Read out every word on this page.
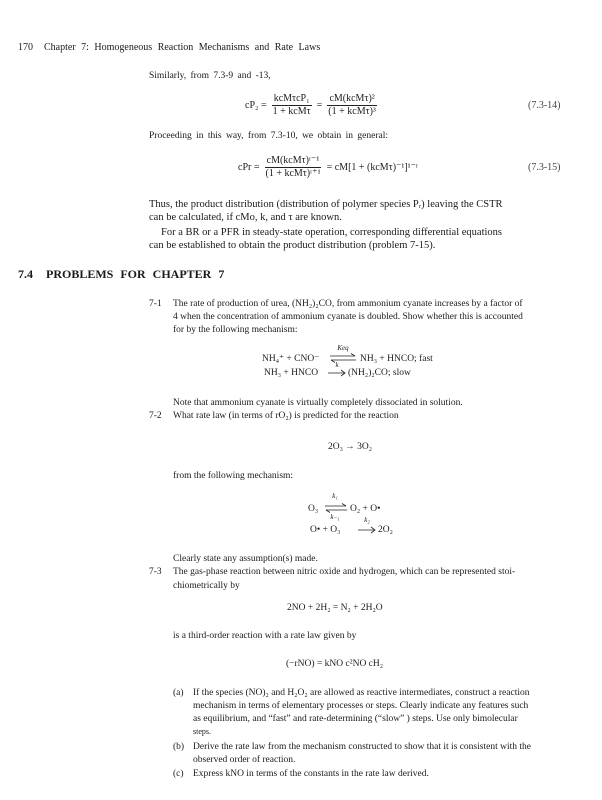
170 Chapter 7: Homogeneous Reaction Mechanisms and Rate Laws
Similarly, from 7.3-9 and -13,
$cP_2 = \frac{\text{kcMτcP₁}}{\text{1 + kcMτ}} = \frac{\text{cM(kcMτ)²}}{\text{(1 + kcMτ)³}}$	(7.3-14)
Proceeding in this way, from 7.3-10, we obtain in general:
cPr = $\frac{\text{cM(kcMτ)ʳ⁻¹}}{\text{(1 + kcMτ)ʳ⁺¹}} = cM[1$ + (kcMτ)⁻¹]¹⁻ʳ	(7.3-15)
Thus, the product distribution (distribution of polymer species Pᵣ) leaving the CSTR
can be calculated, if cMo, k, and τ are known.
For a BR or a PFR in steady-state operation, corresponding differential equations
can be established to obtain the product distribution (problem 7-15).
7.4 PROBLEMS FOR CHAPTER 7
7-1 The rate of production of urea, (NH₂)₂CO, from ammonium cyanate increases by a factor of
4 when the concentration of ammonium cyanate is doubled. Show whether this is accounted
for by the following mechanism:
NH₄⁺ + CNO⁻
Keq
⇌ NH₃ + HNCO; fast
NH₃ + HNCO
k
(NH₂)₂CO; slow
Note that ammonium cyanate is virtually completely dissociated in solution.
7-2 What rate law (in terms of rO₂) is predicted for the reaction
2O₃ → 3O₂
from the following mechanism:
O₃
k₁
k₋₁
O₂ + O•
O• + O₃
k₂
2O₂
Clearly state any assumption(s) made.
7-3 The gas-phase reaction between nitric oxide and hydrogen, which can be represented stoi-
chiometrically by
2NO + 2H₂ = N₂ + 2H₂O
is a third-order reaction with a rate law given by
(−rNO) = kNO c²NO cH₂
(a) If the species (NO)₂ and H₂O₂ are allowed as reactive intermediates, construct a reaction
mechanism in terms of elementary processes or steps. Clearly indicate any features such
as equilibrium, and “fast” and rate-determining (“slow” ) steps. Use only bimolecular
steps.
(b) Derive the rate law from the mechanism constructed to show that it is consistent with the
observed order of reaction.
(c) Express kNO in terms of the constants in the rate law derived.
